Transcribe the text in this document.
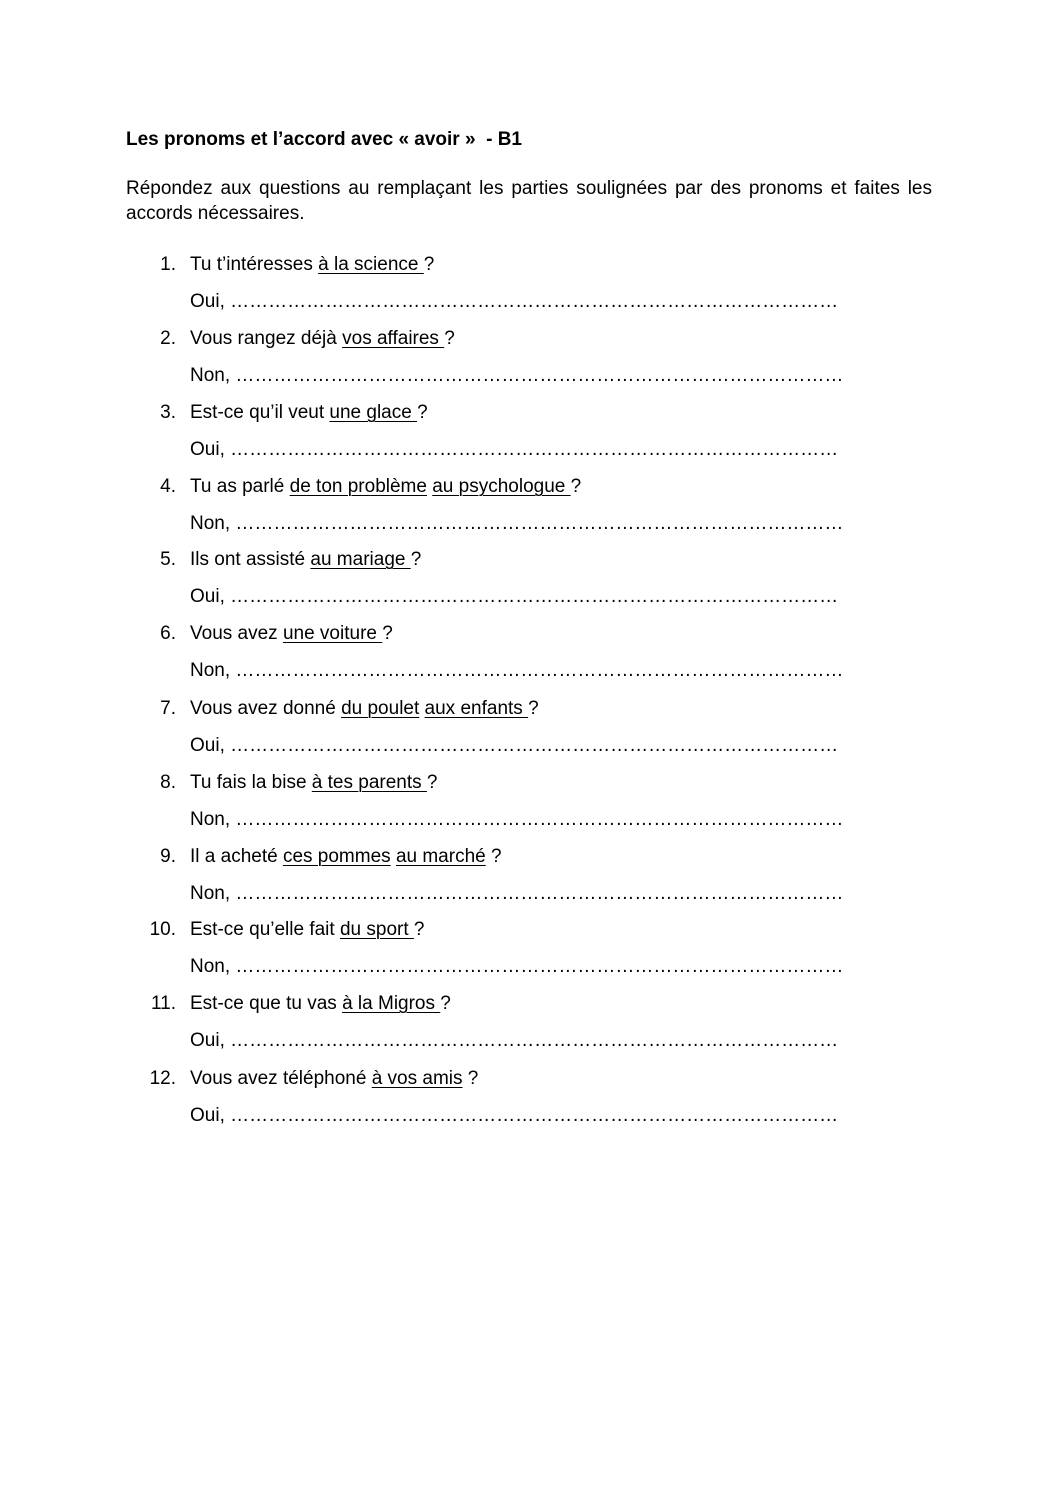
Les pronoms et l’accord avec « avoir »  - B1
Répondez aux questions au remplaçant les parties soulignées par des pronoms et faites les accords nécessaires.
1. Tu t’intéresses à la science ?
Oui, ……………………………………………………………………………………
2. Vous rangez déjà vos affaires ?
Non, ……………………………………………………………………………………
3. Est-ce qu’il veut une glace ?
Oui, ……………………………………………………………………………………
4. Tu as parlé de ton problème au psychologue ?
Non, ……………………………………………………………………………………
5. Ils ont assisté au mariage ?
Oui, ……………………………………………………………………………………
6. Vous avez une voiture ?
Non, ……………………………………………………………………………………
7. Vous avez donné du poulet aux enfants ?
Oui, ……………………………………………………………………………………
8. Tu fais la bise à tes parents ?
Non, ……………………………………………………………………………………
9. Il a acheté ces pommes au marché ?
Non, ……………………………………………………………………………………
10. Est-ce qu’elle fait du sport ?
Non, ……………………………………………………………………………………
11. Est-ce que tu vas à la Migros ?
Oui, ……………………………………………………………………………………
12. Vous avez téléphoné à vos amis ?
Oui, ……………………………………………………………………………………
